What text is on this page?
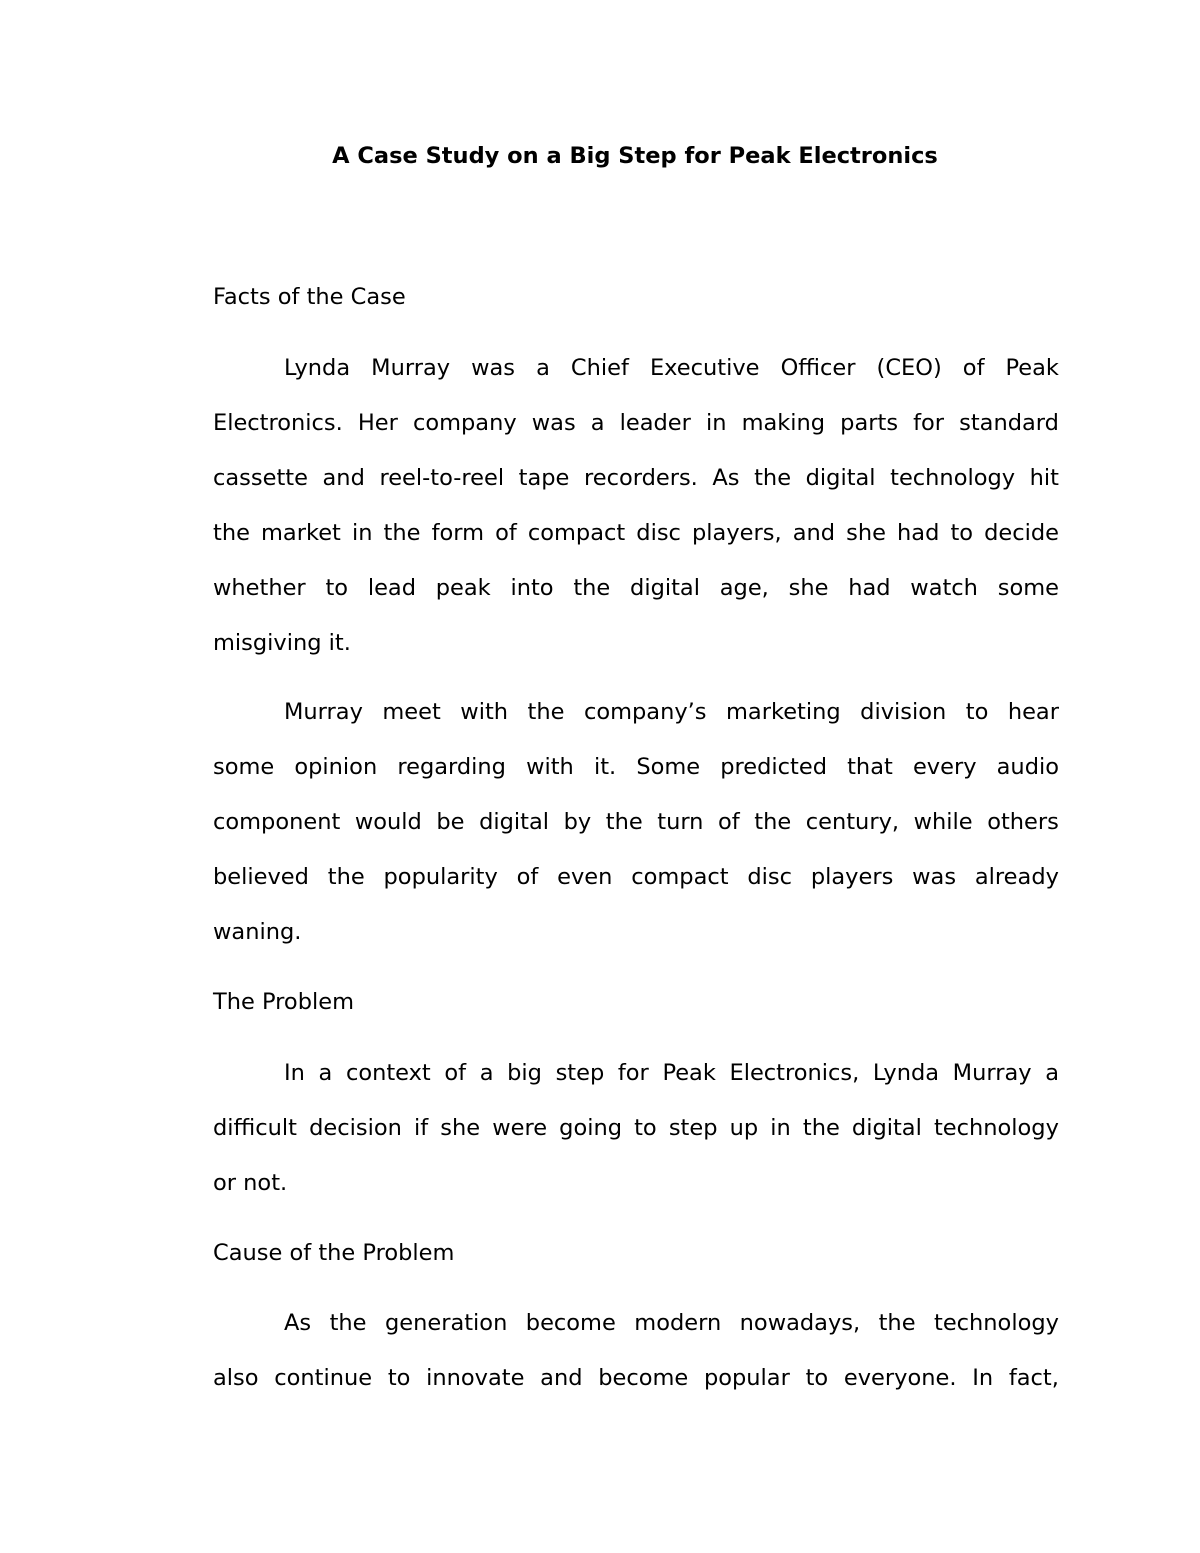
A Case Study on a Big Step for Peak Electronics
Facts of the Case
Lynda Murray was a Chief Executive Officer (CEO) of Peak
Electronics. Her company was a leader in making parts for standard
cassette and reel-to-reel tape recorders. As the digital technology hit
the market in the form of compact disc players, and she had to decide
whether to lead peak into the digital age, she had watch some
misgiving it.
Murray meet with the company’s marketing division to hear
some opinion regarding with it. Some predicted that every audio
component would be digital by the turn of the century, while others
believed the popularity of even compact disc players was already
waning.
The Problem
In a context of a big step for Peak Electronics, Lynda Murray a
difficult decision if she were going to step up in the digital technology
or not.
Cause of the Problem
As the generation become modern nowadays, the technology
also continue to innovate and become popular to everyone. In fact,
